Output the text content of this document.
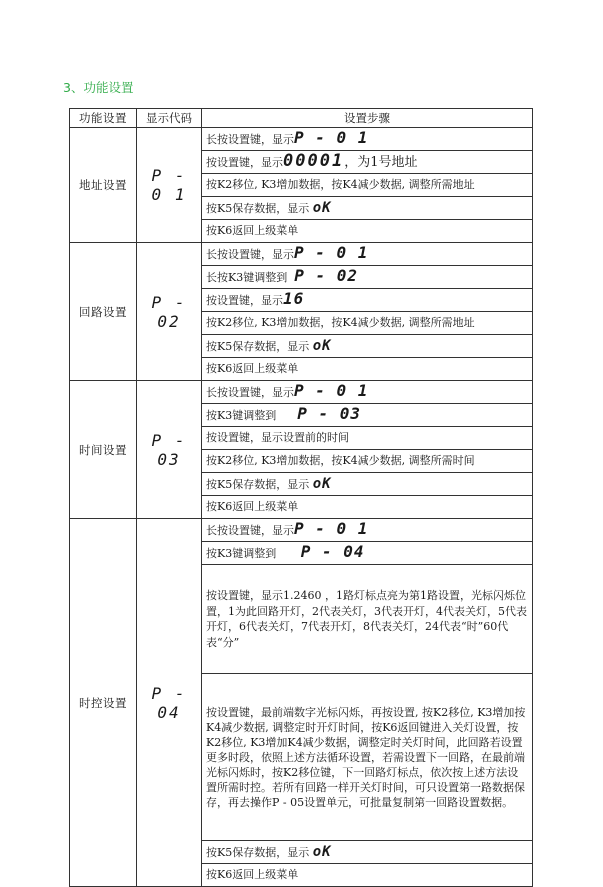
3、功能设置
功能设置	显示代码	设置步骤
地址设置	P - 0 1	长按设置键，显示P - 0 1
		按设置键，显示00001，为1号地址
		按K2移位, K3增加数据，按K4减少数据, 调整所需地址
		按K5保存数据，显示 oK
		按K6返回上级菜单
回路设置	P - 02	长按设置键，显示P - 0 1
		长按K3键调整到 P - 02
		按设置键，显示16
		按K2移位, K3增加数据，按K4减少数据, 调整所需地址
		按K5保存数据，显示 oK
		按K6返回上级菜单
时间设置	P - 03	长按设置键，显示P - 0 1
		按K3键调整到 P - 03
		按设置键，显示设置前的时间
		按K2移位, K3增加数据，按K4减少数据, 调整所需时间
		按K5保存数据，显示 oK
		按K6返回上级菜单
时控设置	P - 04	长按设置键，显示P - 0 1
		按K3键调整到 P - 04
		按设置键，显示1.2460 ，1路灯标点亮为第1路设置，光标闪烁位置，1为此回路开灯，2代表关灯，3代表开灯，4代表关灯，5代表开灯，6代表关灯，7代表开灯，8代表关灯，24代表“时”60代表“分”
		按设置键，最前端数字光标闪烁，再按设置, 按K2移位, K3增加按K4减少数据, 调整定时开灯时间，按K6返回键进入关灯设置，按K2移位, K3增加K4减少数据，调整定时关灯时间，此回路若设置更多时段，依照上述方法循环设置，若需设置下一回路，在最前端光标闪烁时，按K2移位键，下一回路灯标点，依次按上述方法设置所需时控。若所有回路一样开关灯时间，可只设置第一路数据保存，再去操作P - 05设置单元，可批量复制第一回路设置数据。
		按K5保存数据，显示 oK
		按K6返回上级菜单
